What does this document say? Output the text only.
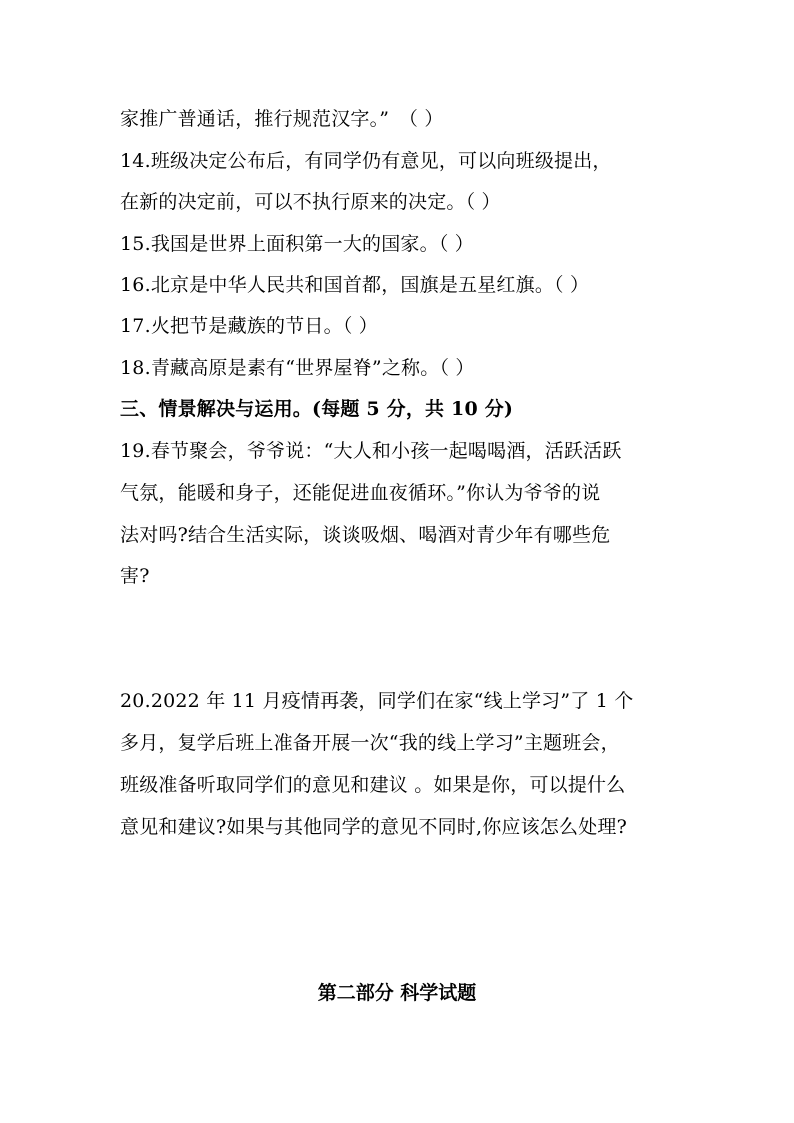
家推广普通话，推行规范汉字。”　（ ）
14.班级决定公布后，有同学仍有意见，可以向班级提出，
在新的决定前，可以不执行原来的决定。（ ）
15.我国是世界上面积第一大的国家。（ ）
16.北京是中华人民共和国首都，国旗是五星红旗。（ ）
17.火把节是藏族的节日。（ ）
18.青藏高原是素有“世界屋脊”之称。（ ）
三、情景解决与运用。(每题 5 分，共 10 分)
19.春节聚会，爷爷说：“大人和小孩一起喝喝酒，活跃活跃
气氛，能暖和身子，还能促进血夜循环。”你认为爷爷的说
法对吗?结合生活实际，谈谈吸烟、喝酒对青少年有哪些危
害?
20.2022 年 11 月疫情再袭，同学们在家“线上学习”了 1 个
多月，复学后班上准备开展一次“我的线上学习”主题班会，
班级准备听取同学们的意见和建议 。如果是你，可以提什么
意见和建议?如果与其他同学的意见不同时,你应该怎么处理?
第二部分 科学试题
